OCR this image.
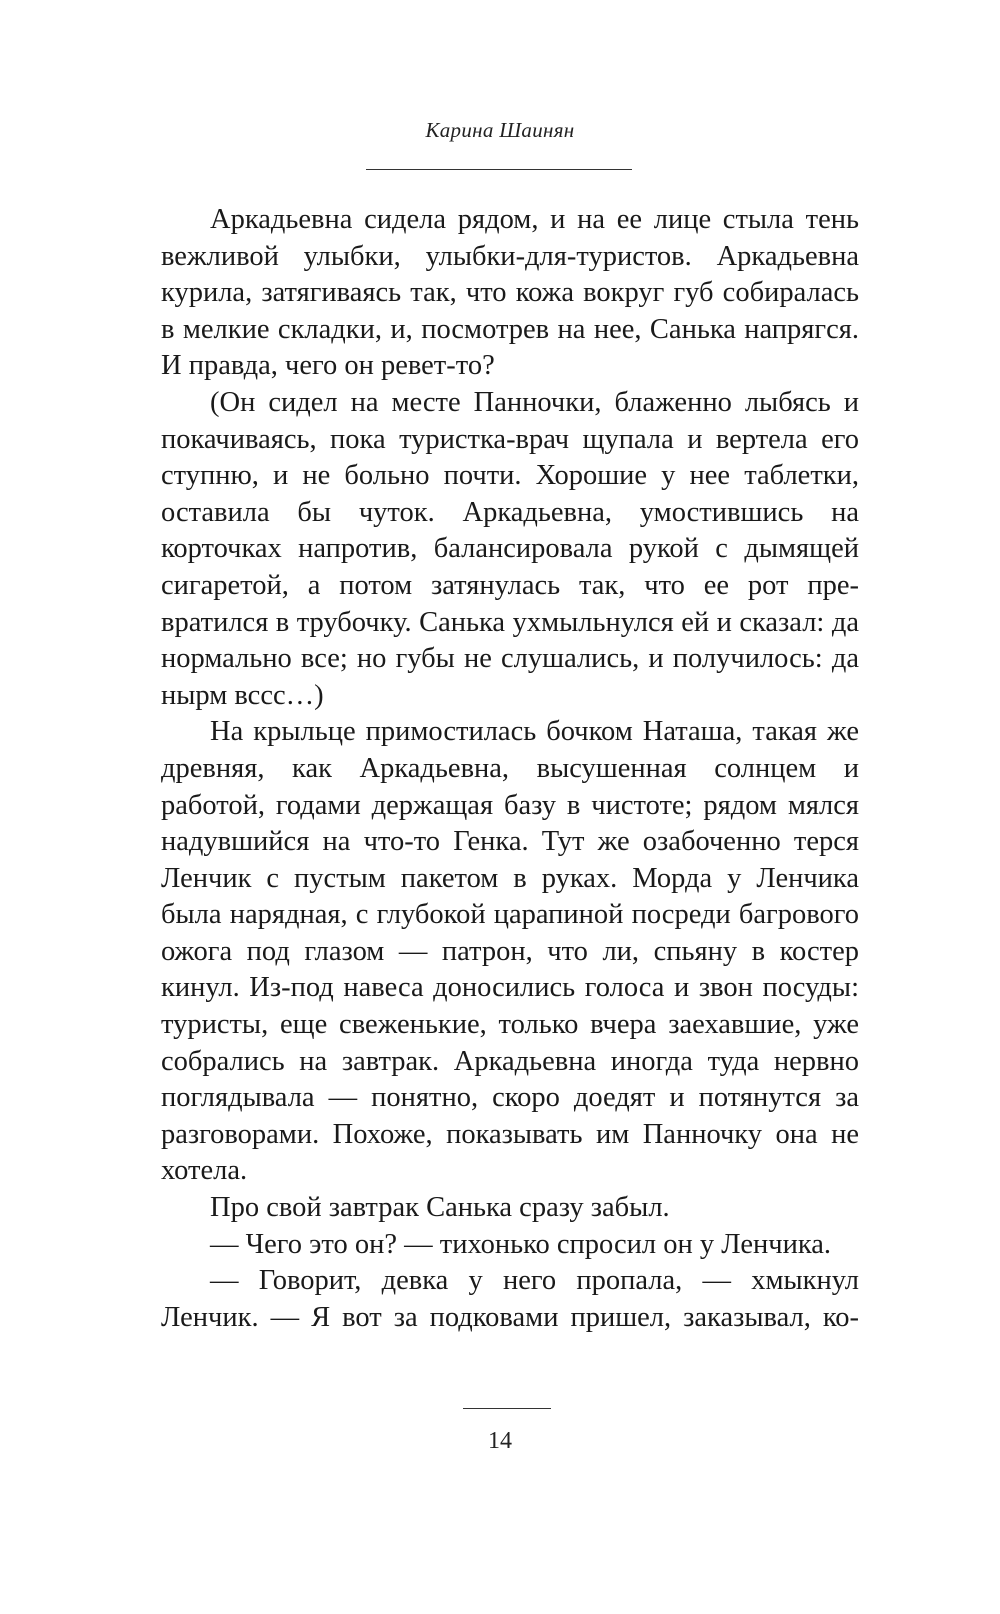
Карина Шаинян

Аркадьевна сидела рядом, и на ее лице стыла тень вежливой улыбки, улыбки-для-туристов. Аркадьевна курила, затягиваясь так, что кожа вокруг губ собиралась в мелкие складки, и, посмотрев на нее, Санька напрягся. И правда, чего он ревет-то?

(Он сидел на месте Панночки, блаженно лыбясь и покачиваясь, пока туристка-врач щупала и вертела его ступню, и не больно почти. Хорошие у нее таблетки, оставила бы чуток. Аркадьевна, умостившись на корточках напротив, балансировала рукой с дымящей сигаретой, а потом затянулась так, что ее рот превратился в трубочку. Санька ухмыльнулся ей и сказал: да нормально все; но губы не слушались, и получилось: да нырм вссс…)

На крыльце примостилась бочком Наташа, такая же древняя, как Аркадьевна, высушенная солнцем и работой, годами держащая базу в чистоте; рядом мялся надувшийся на что-то Генка. Тут же озабоченно терся Ленчик с пустым пакетом в руках. Морда у Ленчика была нарядная, с глубокой царапиной посреди багрового ожога под глазом — патрон, что ли, спьяну в костер кинул. Из-под навеса доносились голоса и звон посуды: туристы, еще свеженькие, только вчера заехавшие, уже собрались на завтрак. Аркадьевна иногда туда нервно поглядывала — понятно, скоро доедят и потянутся за разговорами. Похоже, показывать им Панночку она не хотела.

Про свой завтрак Санька сразу забыл.

— Чего это он? — тихонько спросил он у Ленчика.

— Говорит, девка у него пропала, — хмыкнул Ленчик. — Я вот за подковами пришел, заказывал, ко-

14
